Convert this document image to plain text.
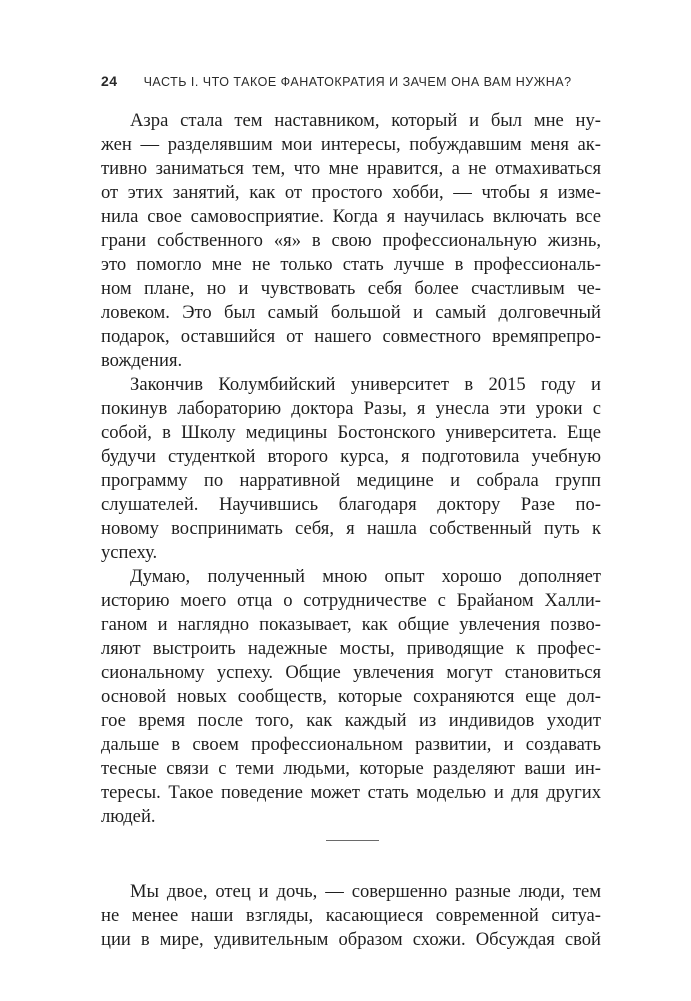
24 ЧАСТЬ I. ЧТО ТАКОЕ ФАНАТОКРАТИЯ И ЗАЧЕМ ОНА ВАМ НУЖНА?
Азра стала тем наставником, который и был мне ну-
жен — разделявшим мои интересы, побуждавшим меня ак-
тивно заниматься тем, что мне нравится, а не отмахиваться
от этих занятий, как от простого хобби, — чтобы я изме-
нила свое самовосприятие. Когда я научилась включать все
грани собственного «я» в свою профессиональную жизнь,
это помогло мне не только стать лучше в профессиональ-
ном плане, но и чувствовать себя более счастливым че-
ловеком. Это был самый большой и самый долговечный
подарок, оставшийся от нашего совместного времяпрепро-
вождения.
Закончив Колумбийский университет в 2015 году и
покинув лабораторию доктора Разы, я унесла эти уроки с
собой, в Школу медицины Бостонского университета. Еще
будучи студенткой второго курса, я подготовила учебную
программу по нарративной медицине и собрала групп
слушателей. Научившись благодаря доктору Разе по-
новому воспринимать себя, я нашла собственный путь к
успеху.
Думаю, полученный мною опыт хорошо дополняет
историю моего отца о сотрудничестве с Брайаном Халли-
ганом и наглядно показывает, как общие увлечения позво-
ляют выстроить надежные мосты, приводящие к профес-
сиональному успеху. Общие увлечения могут становиться
основой новых сообществ, которые сохраняются еще дол-
гое время после того, как каждый из индивидов уходит
дальше в своем профессиональном развитии, и создавать
тесные связи с теми людьми, которые разделяют ваши ин-
тересы. Такое поведение может стать моделью и для других
людей.
Мы двое, отец и дочь, — совершенно разные люди, тем
не менее наши взгляды, касающиеся современной ситуа-
ции в мире, удивительным образом схожи. Обсуждая свой
